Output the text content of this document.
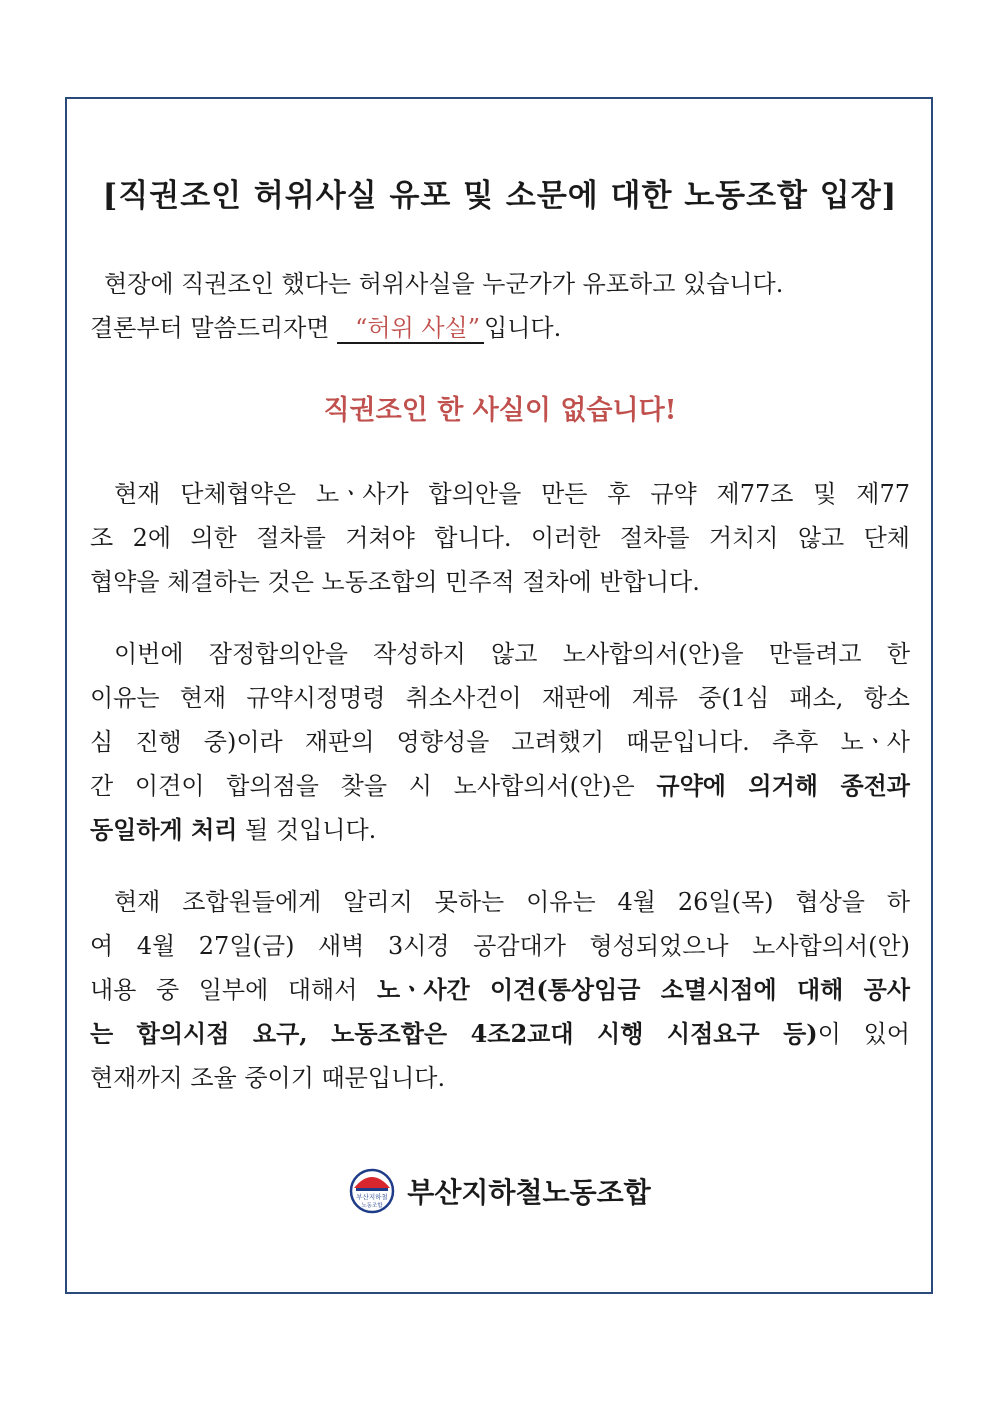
[직권조인 허위사실 유포 및 소문에 대한 노동조합 입장]

현장에 직권조인 했다는 허위사실을 누군가가 유포하고 있습니다.
결론부터 말씀드리자면 “허위 사실” 입니다.

직권조인 한 사실이 없습니다!

현재 단체협약은 노ㆍ사가 합의안을 만든 후 규약 제77조 및 제77
조 2에 의한 절차를 거쳐야 합니다. 이러한 절차를 거치지 않고 단체
협약을 체결하는 것은 노동조합의 민주적 절차에 반합니다.

이번에 잠정합의안을 작성하지 않고 노사합의서(안)을 만들려고 한
이유는 현재 규약시정명령 취소사건이 재판에 계류 중(1심 패소, 항소
심 진행 중)이라 재판의 영향성을 고려했기 때문입니다. 추후 노ㆍ사
간 이견이 합의점을 찾을 시 노사합의서(안)은 규약에 의거해 종전과
동일하게 처리 될 것입니다.

현재 조합원들에게 알리지 못하는 이유는 4월 26일(목) 협상을 하
여 4월 27일(금) 새벽 3시경 공감대가 형성되었으나 노사합의서(안)
내용 중 일부에 대해서 노ㆍ사간 이견(통상임금 소멸시점에 대해 공사
는 합의시점 요구, 노동조합은 4조2교대 시행 시점요구 등)이 있어
현재까지 조율 중이기 때문입니다.

부산지하철
노동조합 부산지하철노동조합
